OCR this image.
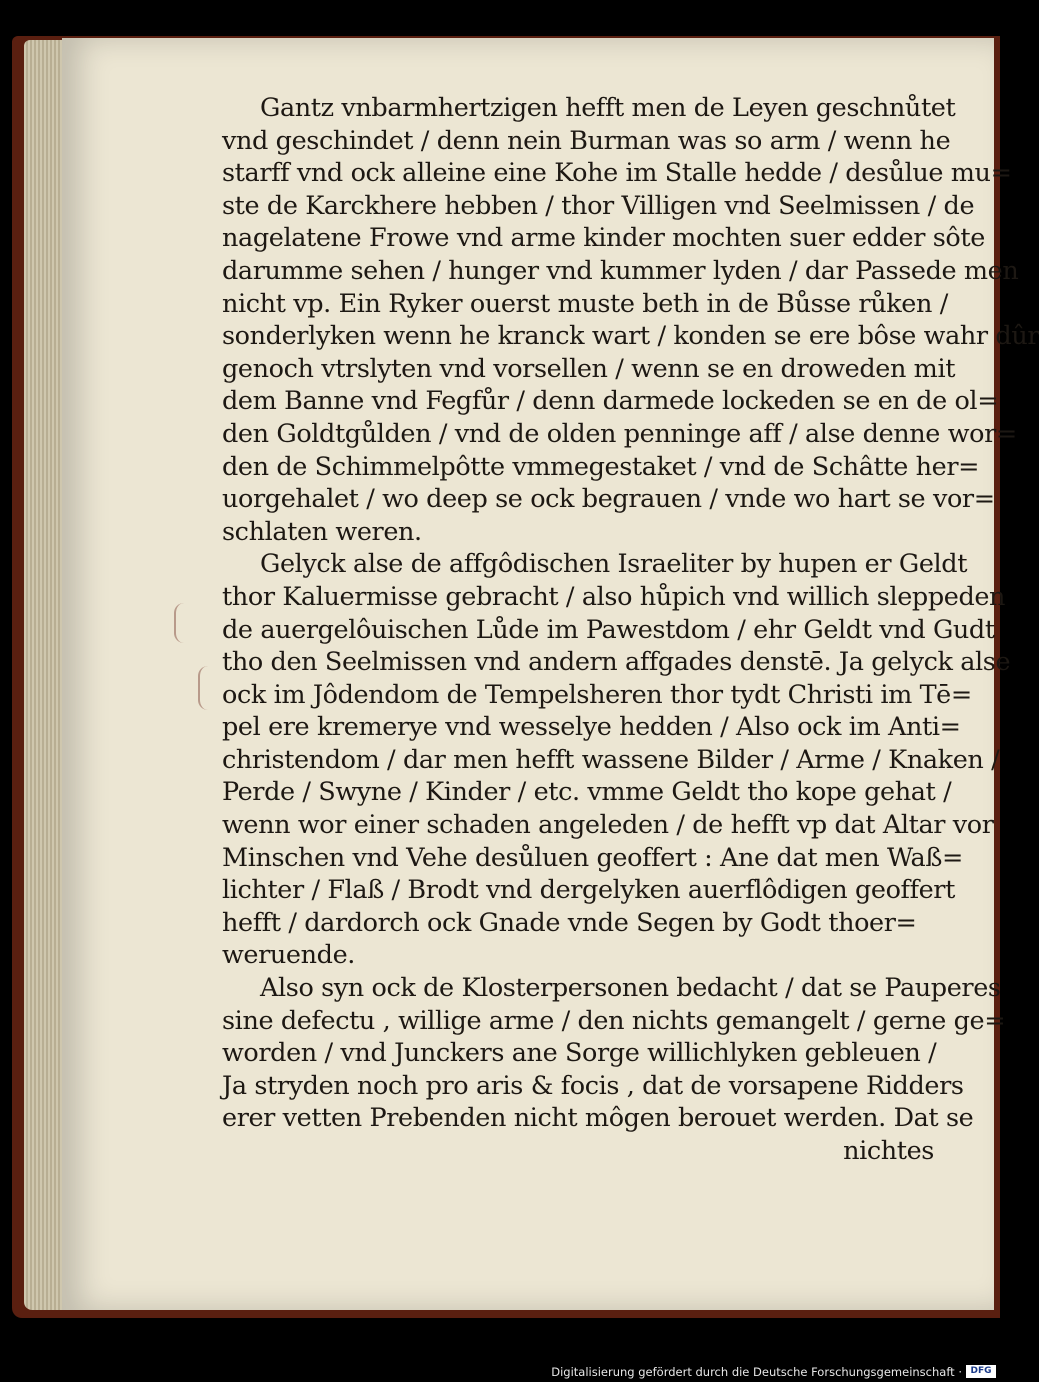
Gantz vnbarmhertzigen hefft men de Leyen geschnůtet
vnd geschindet / denn nein Burman was so arm / wenn he
starff vnd ock alleine eine Kohe im Stalle hedde / desůlue mu=
ste de Karckhere hebben / thor Villigen vnd Seelmissen / de
nagelatene Frowe vnd arme kinder mochten suer edder sôte
darumme sehen / hunger vnd kummer lyden / dar Passede men
nicht vp. Ein Ryker ouerst muste beth in de Bůsse růken /
sonderlyken wenn he kranck wart / konden se ere bôse wahr dûr
genoch vtrslyten vnd vorsellen / wenn se en droweden mit
dem Banne vnd Fegfůr / denn darmede lockeden se en de ol=
den Goldtgůlden / vnd de olden penninge aff / alse denne wor=
den de Schimmelpôtte vmmegestaket / vnd de Schâtte her=
uorgehalet / wo deep se ock begrauen / vnde wo hart se vor=
schlaten weren.
Gelyck alse de affgôdischen Israeliter by hupen er Geldt
thor Kaluermisse gebracht / also hůpich vnd willich sleppeden
de auergelôuischen Lůde im Pawestdom / ehr Geldt vnd Gudt
tho den Seelmissen vnd andern affgades denstē. Ja gelyck alse
ock im Jôdendom de Tempelsheren thor tydt Christi im Tē=
pel ere kremerye vnd wesselye hedden / Also ock im Anti=
christendom / dar men hefft wassene Bilder / Arme / Knaken /
Perde / Swyne / Kinder / etc. vmme Geldt tho kope gehat /
wenn wor einer schaden angeleden / de hefft vp dat Altar vor
Minschen vnd Vehe desůluen geoffert : Ane dat men Waß=
lichter / Flaß / Brodt vnd dergelyken auerflôdigen geoffert
hefft / dardorch ock Gnade vnde Segen by Godt thoer=
weruende.
Also syn ock de Klosterpersonen bedacht / dat se Pauperes
sine defectu , willige arme / den nichts gemangelt / gerne ge=
worden / vnd Junckers ane Sorge willichlyken gebleuen /
Ja stryden noch pro aris & focis , dat de vorsapene Ridders
erer vetten Prebenden nicht môgen berouet werden. Dat se
nichtes
Digitalisierung gefördert durch die Deutsche Forschungsgemeinschaft · DFG
